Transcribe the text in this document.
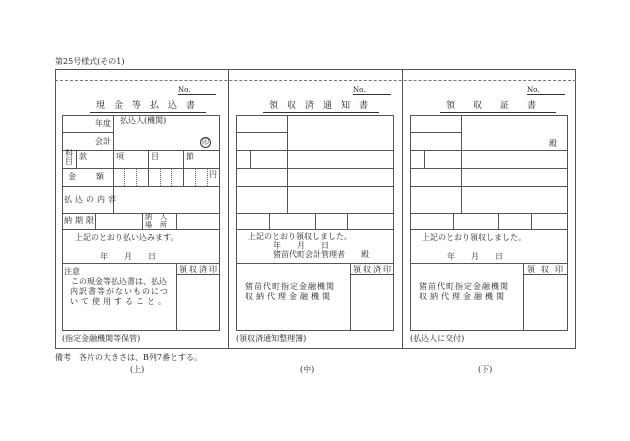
第25号様式(その1)
No.
現金等払込書
年度 払込人(機関)
会計	印
科目
款	項	目	節
金　額	円
払込の内容
納期限	納入場所
上記のとおり払い込みます。
年　　月　　日
注意
この現金等払込書は、払込
内訳書等がないものにつ
いて使用すること。
領収済印
(指定金融機関等保管)
No.
領収済通知書
上記のとおり領収しました。
年　　月　　日
猪苗代町会計管理者　　殿
猪苗代町指定金融機関
収納代理金融機関
領収済印
(領収済通知整理簿)
No.
領収証書
殿
上記のとおり領収しました。
年　　月　　日
猪苗代町指定金融機関
収納代理金融機関
領収印
(払込人に交付)
備考　各片の大きさは、B列7番とする。
(上)	(中)	(下)
